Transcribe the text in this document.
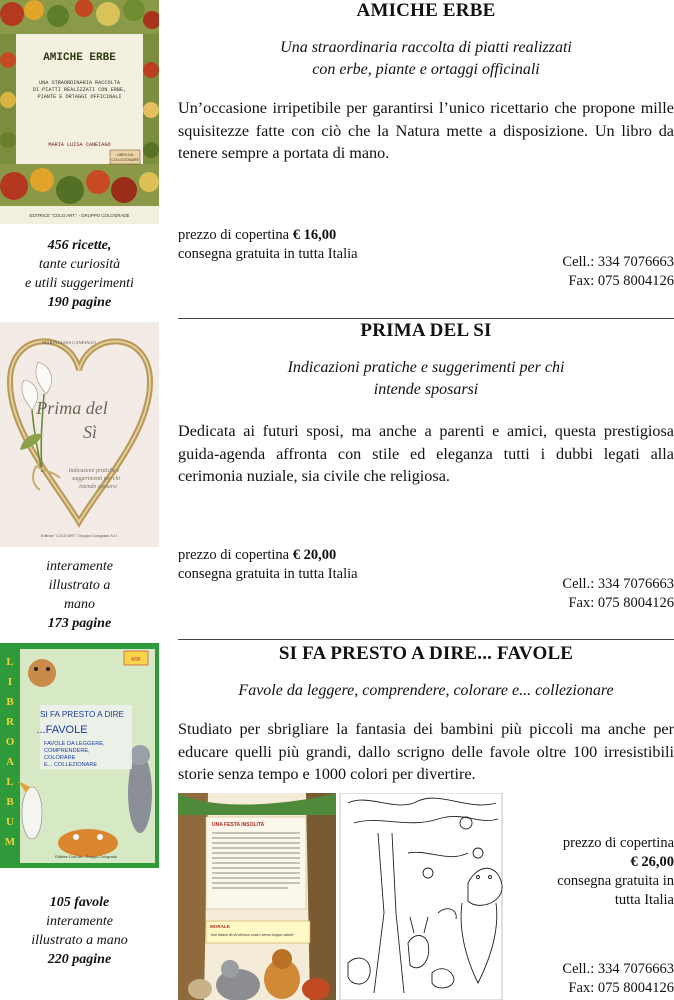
AMICHE ERBE
UNA STRAORDINARIA RACCOLTA
DI PIATTI REALIZZATI CON ERBE,
PIANTE E ORTAGGI OFFICINALI
MARIA LUISA CANEIAGO
LIBRO DA
COLLEZIONARE
EDITRICE "COLO ART." - GRUPPO COLOGRADE
456 ricette,
tante curiosità
e utili suggerimenti
190 pagine
AMICHE ERBE
Una straordinaria raccolta di piatti realizzati
con erbe, piante e ortaggi officinali
Un’occasione irripetibile per garantirsi l’unico ricettario che propone mille squisitezze fatte con ciò che la Natura mette a disposizione. Un libro da tenere sempre a portata di mano.
prezzo di copertina € 16,00
consegna gratuita in tutta Italia	Cell.: 334 7076663
Fax: 075 8004126
MARIA LUISA CANEIAGO
Prima del
Sì
Indicazioni pratiche e
suggerimenti per chi
intende sposarsi
Editrice "COLO ART." Gruppo Cologrado S.r.l.
interamente
illustrato a
mano
173 pagine
PRIMA DEL SI
Indicazioni pratiche e suggerimenti per chi
intende sposarsi
Dedicata ai futuri sposi, ma anche a parenti e amici, questa prestigiosa guida-agenda affronta con stile ed eleganza tutti i dubbi legati alla cerimonia nuziale, sia civile che religiosa.
prezzo di copertina € 20,00
consegna gratuita in tutta Italia
Cell.: 334 7076663
Fax: 075 8004126
L
I
B
R
O
A
L
B
U
M
4/9F
SI FA PRESTO A DIRE
...FAVOLE
FAVOLE DA LEGGERE,
COMPRENDERE,
COLORARE
E... COLLEZIONARE
Editrice Colo Art - Gruppo Cologrado
105 favole
interamente
illustrato a mano
220 pagine
SI FA PRESTO A DIRE... FAVOLE
Favole da leggere, comprendere, colorare e... collezionare
Studiato per sbrigliare la fantasia dei bambini più piccoli ma anche per educare quelli più grandi, dallo scrigno delle favole oltre 100 irresistibili storie senza tempo e 1000 colori per divertire.
UNA FESTA INSOLITA
MORALE
"non fidarsi di chi diverso vostro senso troppo valore"
prezzo di copertina
€ 26,00
consegna gratuita in
tutta Italia
Cell.: 334 7076663
Fax: 075 8004126
